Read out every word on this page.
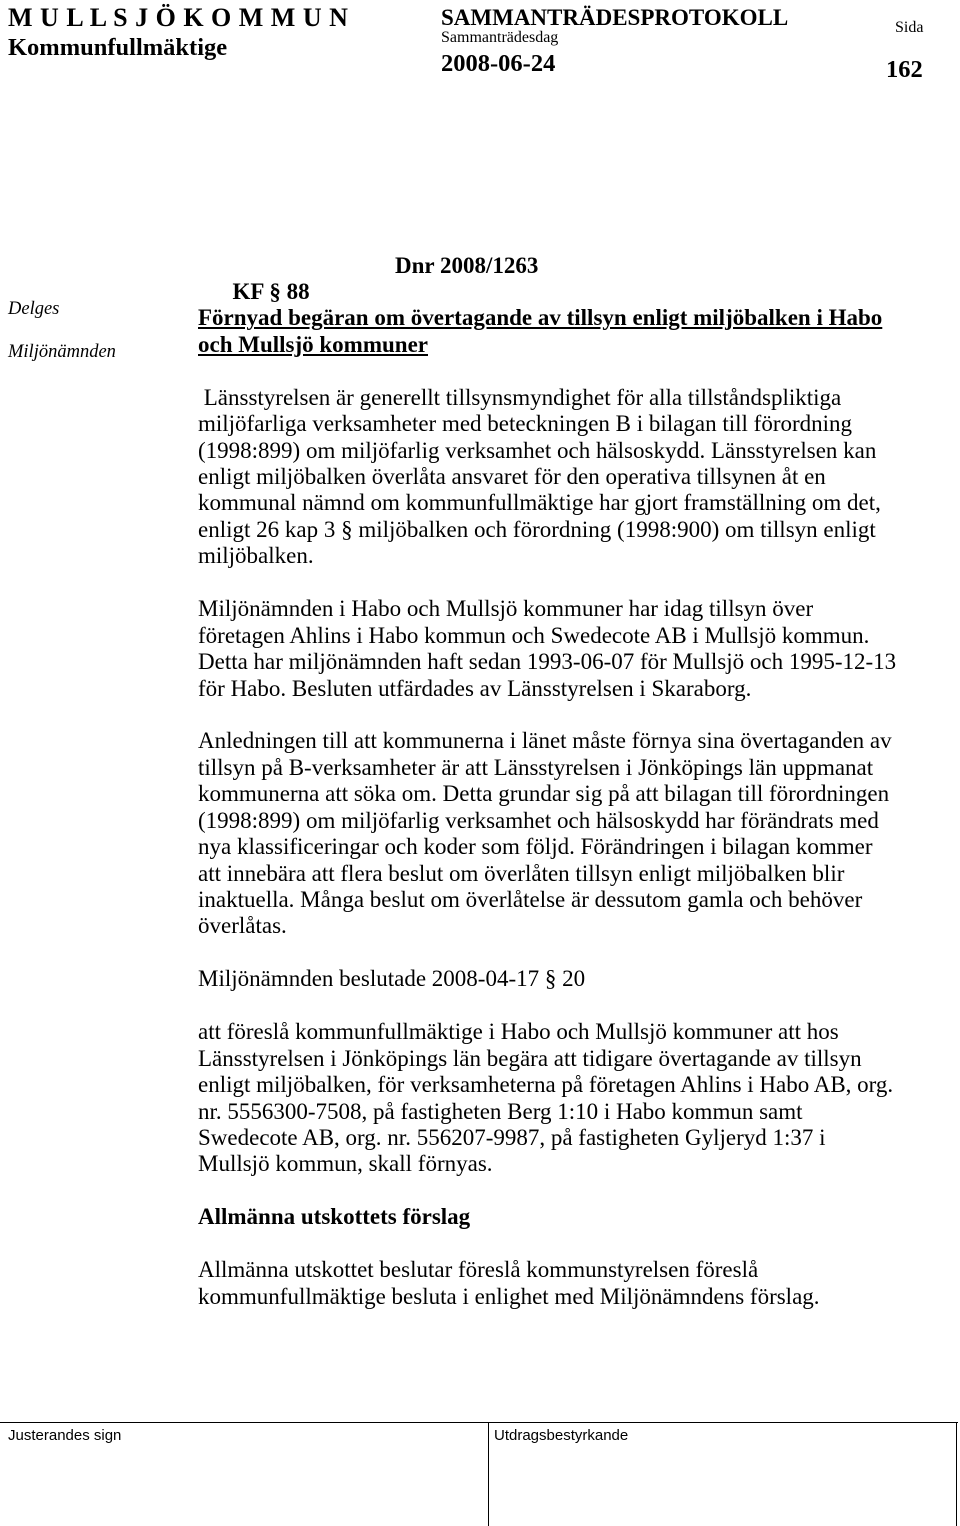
M U L L S J Ö K O M M U N
Kommunfullmäktige
SAMMANTRÄDESPROTOKOLL
Sammanträdesdag
2008-06-24
Sida
162
Delges
Miljönämnden

KF § 88

Dnr 2008/1263

Förnyad begäran om övertagande av tillsyn enligt miljöbalken i Habo
och Mullsjö kommuner
Länsstyrelsen är generellt tillsynsmyndighet för alla tillståndspliktiga
miljöfarliga verksamheter med beteckningen B i bilagan till förordning
(1998:899) om miljöfarlig verksamhet och hälsoskydd. Länsstyrelsen kan
enligt miljöbalken överlåta ansvaret för den operativa tillsynen åt en
kommunal nämnd om kommunfullmäktige har gjort framställning om det,
enligt 26 kap 3 § miljöbalken och förordning (1998:900) om tillsyn enligt
miljöbalken.
Miljönämnden i Habo och Mullsjö kommuner har idag tillsyn över
företagen Ahlins i Habo kommun och Swedecote AB i Mullsjö kommun.
Detta har miljönämnden haft sedan 1993-06-07 för Mullsjö och 1995-12-13
för Habo. Besluten utfärdades av Länsstyrelsen i Skaraborg.
Anledningen till att kommunerna i länet måste förnya sina övertaganden av
tillsyn på B-verksamheter är att Länsstyrelsen i Jönköpings län uppmanat
kommunerna att söka om. Detta grundar sig på att bilagan till förordningen
(1998:899) om miljöfarlig verksamhet och hälsoskydd har förändrats med
nya klassificeringar och koder som följd. Förändringen i bilagan kommer
att innebära att flera beslut om överlåten tillsyn enligt miljöbalken blir
inaktuella. Många beslut om överlåtelse är dessutom gamla och behöver
överlåtas.
Miljönämnden beslutade 2008-04-17 § 20
att föreslå kommunfullmäktige i Habo och Mullsjö kommuner att hos
Länsstyrelsen i Jönköpings län begära att tidigare övertagande av tillsyn
enligt miljöbalken, för verksamheterna på företagen Ahlins i Habo AB, org.
nr. 5556300-7508, på fastigheten Berg 1:10 i Habo kommun samt
Swedecote AB, org. nr. 556207-9987, på fastigheten Gyljeryd 1:37 i
Mullsjö kommun, skall förnyas.
Allmänna utskottets förslag
Allmänna utskottet beslutar föreslå kommunstyrelsen föreslå
kommunfullmäktige besluta i enlighet med Miljönämndens förslag.
Justerandes sign	Utdragsbestyrkande
